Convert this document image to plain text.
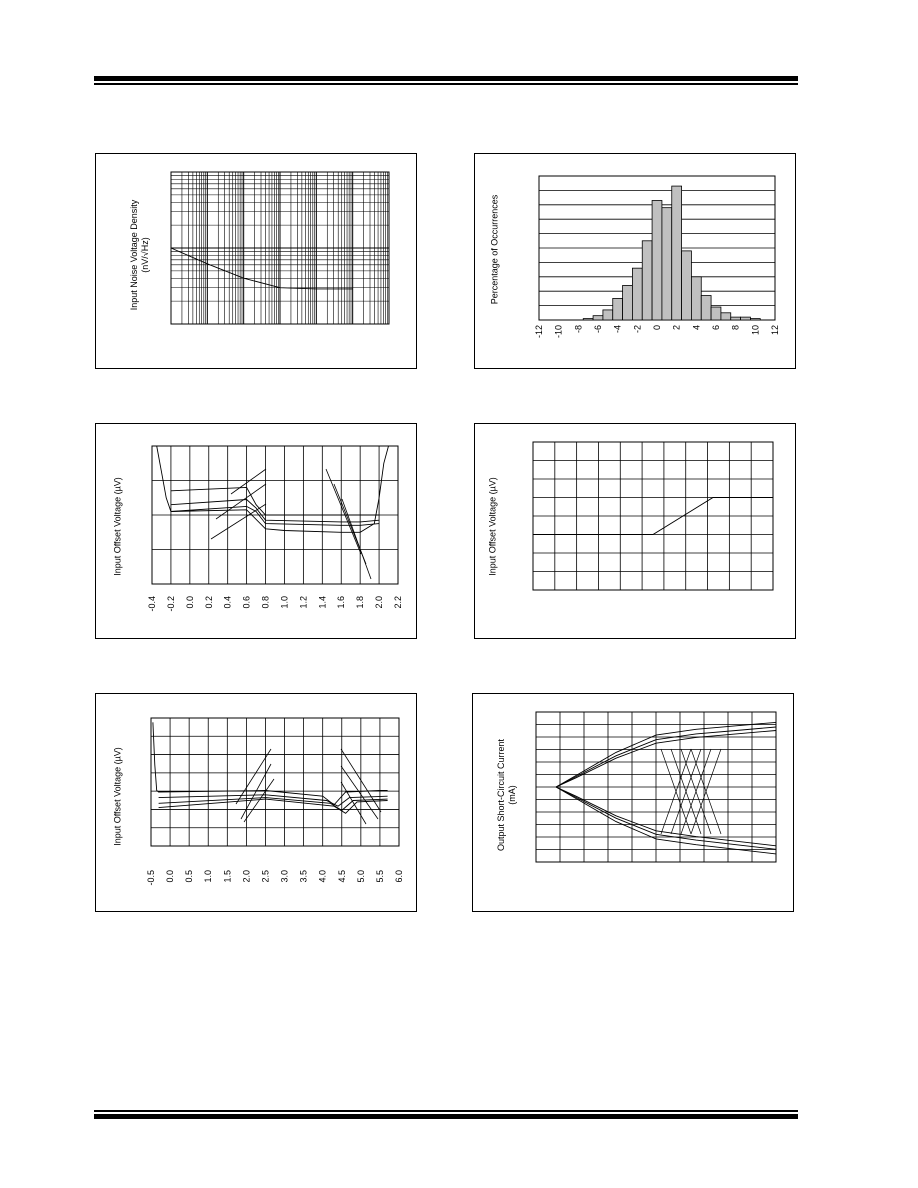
Input Noise Voltage Density (nV/√Hz)	Percentage of Occurrences
-12 -10 -8 -6 -4 -2 0 2 4 6 8 10 12
Input Offset Voltage (µV)
-0.4 -0.2 0.0 0.2 0.4 0.6 0.8 1.0 1.2 1.4 1.6 1.8 2.0 2.2
Input Offset Voltage (µV)
Input Offset Voltage (µV)
-0.5 0.0 0.5 1.0 1.5 2.0 2.5 3.0 3.5 4.0 4.5 5.0 5.5 6.0
Output Short-Circuit Current (mA)
